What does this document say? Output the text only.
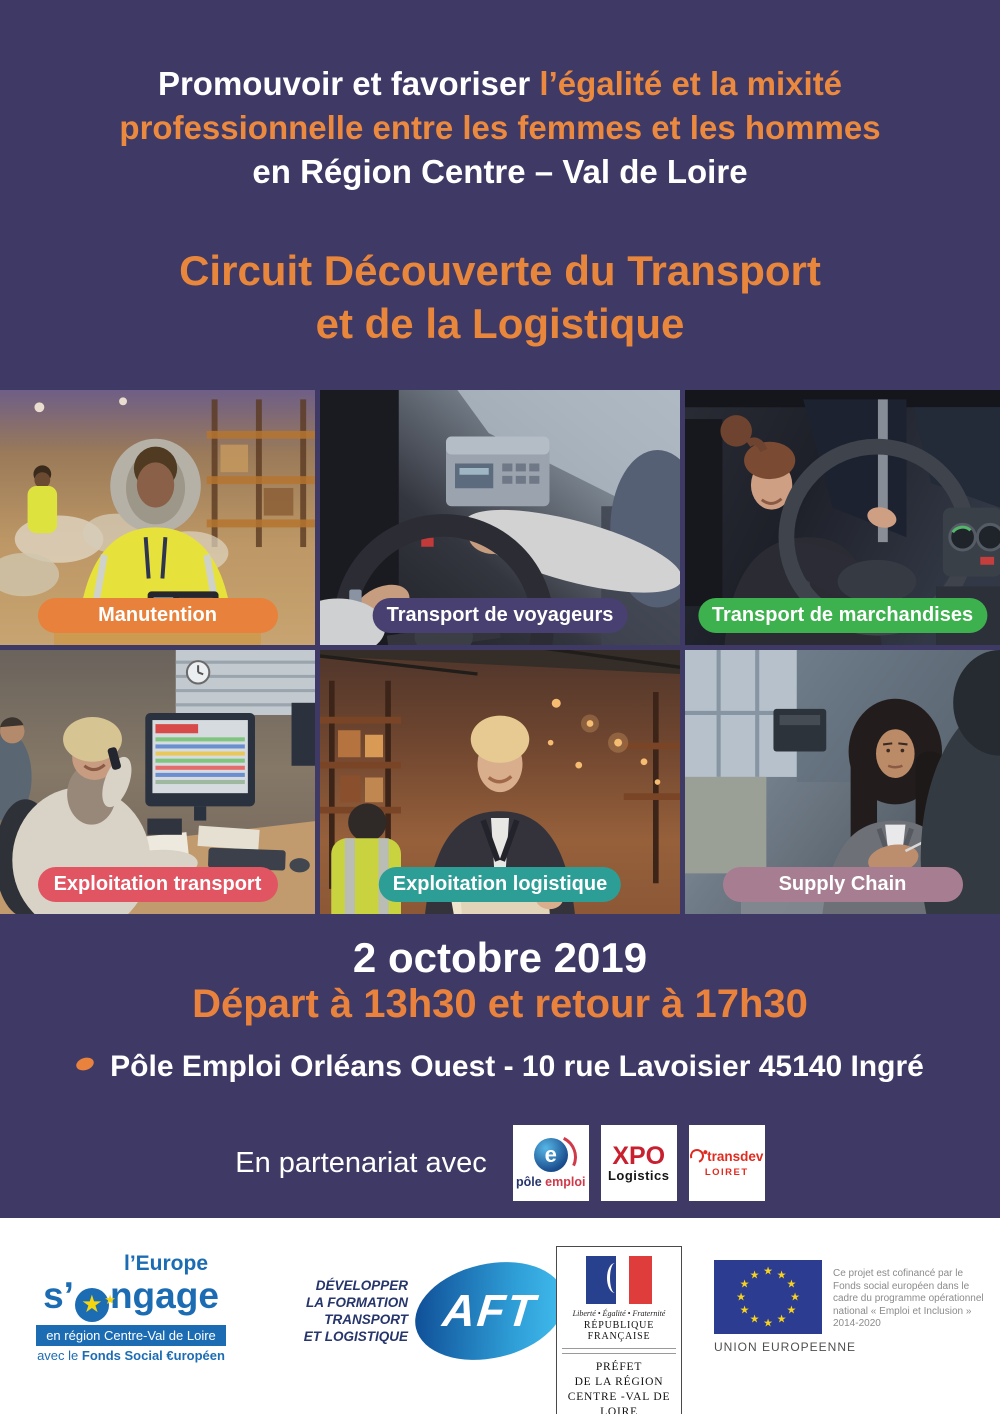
Promouvoir et favoriser l’égalité et la mixité
professionnelle entre les femmes et les hommes
en Région Centre – Val de Loire

Circuit Découverte du Transport
et de la Logistique
Manutention	Transport de voyageurs	Transport de marchandises
Exploitation transport	Exploitation logistique	Supply Chain
2 octobre 2019
Départ à 13h30 et retour à 17h30
Pôle Emploi Orléans Ouest - 10 rue Lavoisier 45140 Ingré
En partenariat avec	e
pôle emploi
XPO
Logistics
transdev
LOIRET
l’Europe
s’ ★
★ ngage
en région Centre-Val de Loire
avec le Fonds Social €uropéen
DÉVELOPPER
LA FORMATION TRANSPORT
ET LOGISTIQUE
AFT	Liberté • Égalité • Fraternité
RÉPUBLIQUE FRANÇAISE
PRÉFET
DE LA RÉGION
CENTRE -VAL DE LOIRE
★ ★
★
★
★
★
★
★
★
★
★
★
UNION EUROPEENNE
Ce projet est cofinancé par le Fonds social européen dans le cadre du programme opérationnel national « Emploi et Inclusion » 2014-2020
